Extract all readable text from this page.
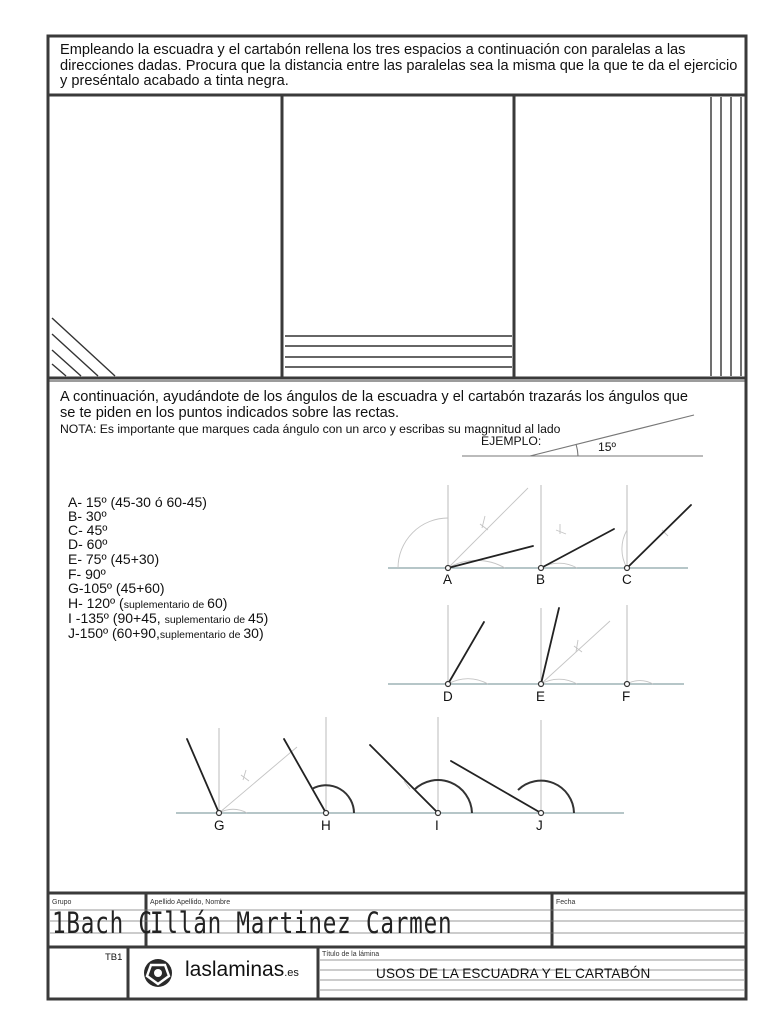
Empleando la escuadra y el cartabón rellena los tres espacios a continuación con paralelas a las direcciones dadas. Procura que la distancia entre las paralelas sea la misma que la que te da el ejercicio y preséntalo acabado a tinta negra.
A continuación, ayudándote de los ángulos de la escuadra y el cartabón trazarás los ángulos que
se te piden en los puntos indicados sobre las rectas.
NOTA: Es importante que marques cada ángulo con un arco y escribas su magnnitud al lado
EJEMPLO:	15º
A- 15º (45-30 ó 60-45)
B- 30º
C- 45º
D- 60º
E- 75º (45+30)
F- 90º
G-105º (45+60)
H- 120º (suplementario de 60)
I -135º (90+45, suplementario de 45)
J-150º (60+90,suplementario de 30)
A	B	C
D	E	F
G	H	I	J
Grupo	Apellido Apellido, Nombre	Fecha
1Bach C
Illán Martinez Carmen
TB1
laslaminas.es
Título de la lámina
USOS DE LA ESCUADRA Y EL CARTABÓN
